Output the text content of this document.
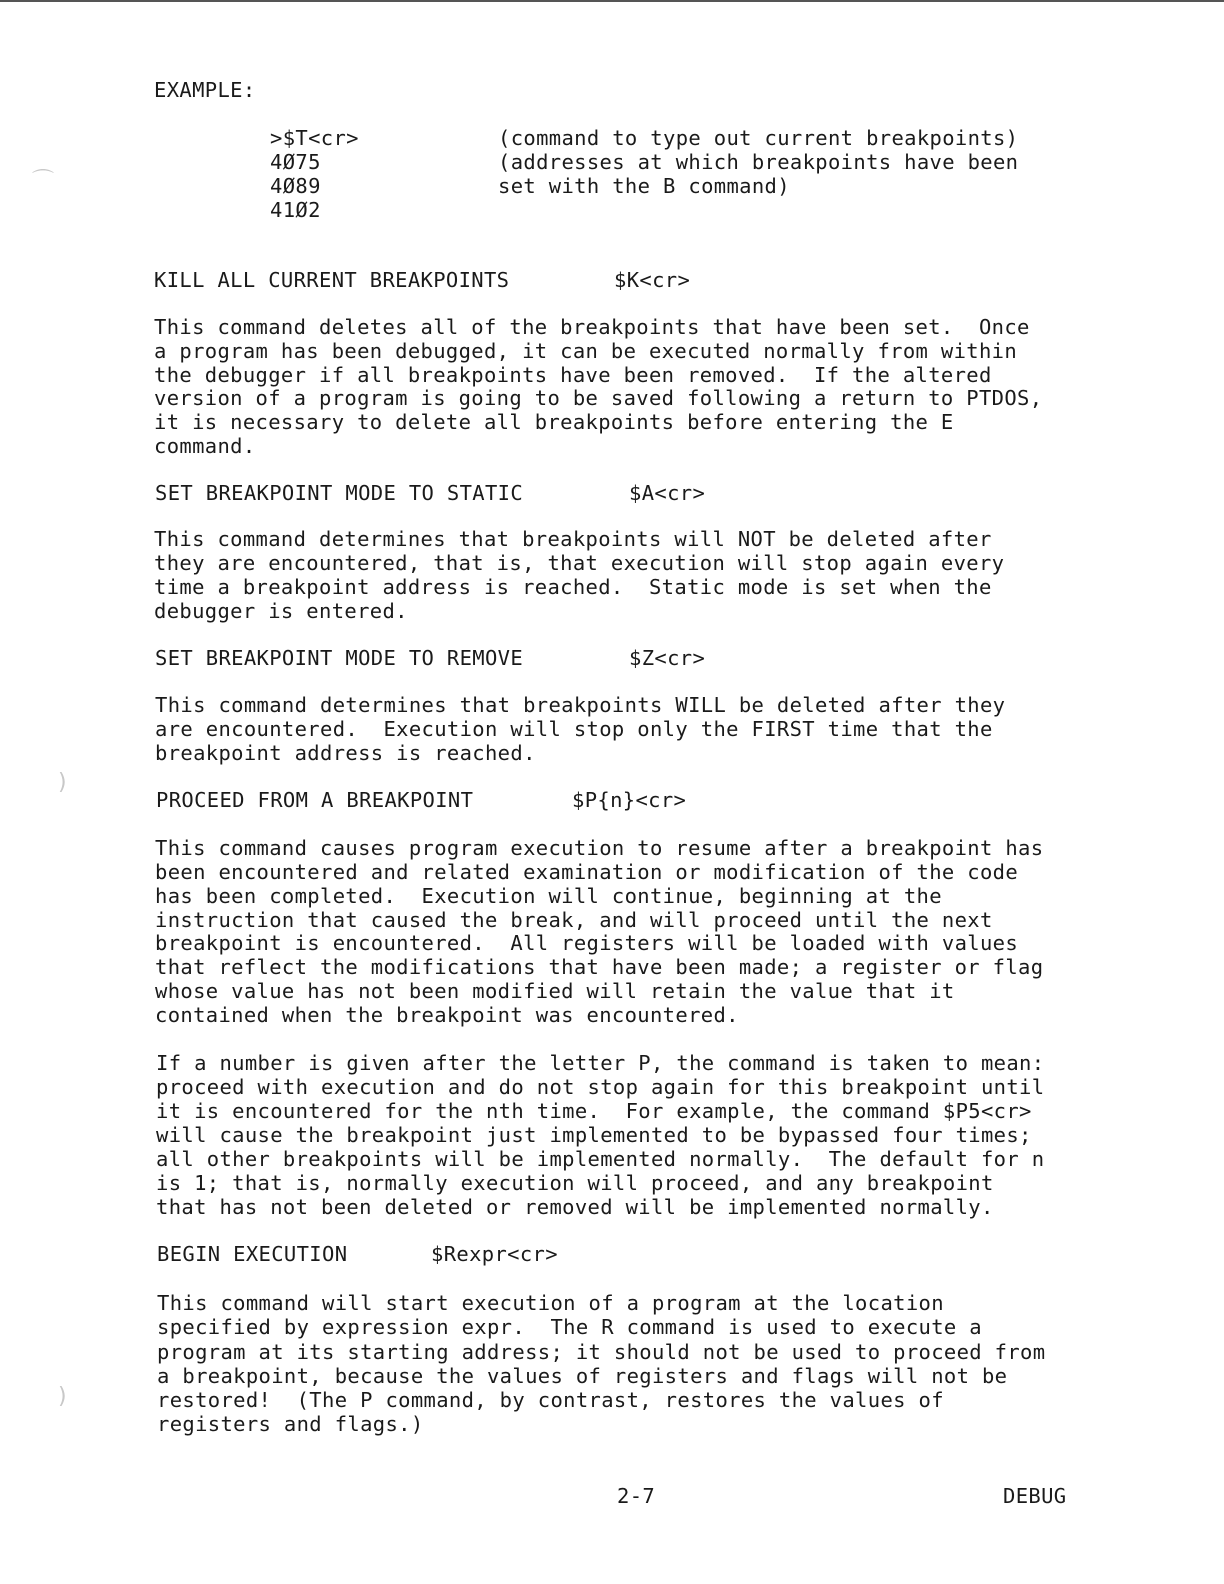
⌒
)
)
EXAMPLE:
>$T<cr>	(command to type out current breakpoints)
4Ø75	(addresses at which breakpoints have been
4Ø89	set with the B command)
41Ø2
KILL ALL CURRENT BREAKPOINTS	$K<cr>
This command deletes all of the breakpoints that have been set.  Once
a program has been debugged, it can be executed normally from within
the debugger if all breakpoints have been removed.  If the altered
version of a program is going to be saved following a return to PTDOS,
it is necessary to delete all breakpoints before entering the E
command.
SET BREAKPOINT MODE TO STATIC	$A<cr>
This command determines that breakpoints will NOT be deleted after
they are encountered, that is, that execution will stop again every
time a breakpoint address is reached.  Static mode is set when the
debugger is entered.
SET BREAKPOINT MODE TO REMOVE	$Z<cr>
This command determines that breakpoints WILL be deleted after they
are encountered.  Execution will stop only the FIRST time that the
breakpoint address is reached.
PROCEED FROM A BREAKPOINT	$P{n}<cr>
This command causes program execution to resume after a breakpoint has
been encountered and related examination or modification of the code
has been completed.  Execution will continue, beginning at the
instruction that caused the break, and will proceed until the next
breakpoint is encountered.  All registers will be loaded with values
that reflect the modifications that have been made; a register or flag
whose value has not been modified will retain the value that it
contained when the breakpoint was encountered.
If a number is given after the letter P, the command is taken to mean:
proceed with execution and do not stop again for this breakpoint until
it is encountered for the nth time.  For example, the command $P5<cr>
will cause the breakpoint just implemented to be bypassed four times;
all other breakpoints will be implemented normally.  The default for n
is 1; that is, normally execution will proceed, and any breakpoint
that has not been deleted or removed will be implemented normally.
BEGIN EXECUTION	$Rexpr<cr>
This command will start execution of a program at the location
specified by expression expr.  The R command is used to execute a
program at its starting address; it should not be used to proceed from
a breakpoint, because the values of registers and flags will not be
restored!  (The P command, by contrast, restores the values of
registers and flags.)
2-7	DEBUG
